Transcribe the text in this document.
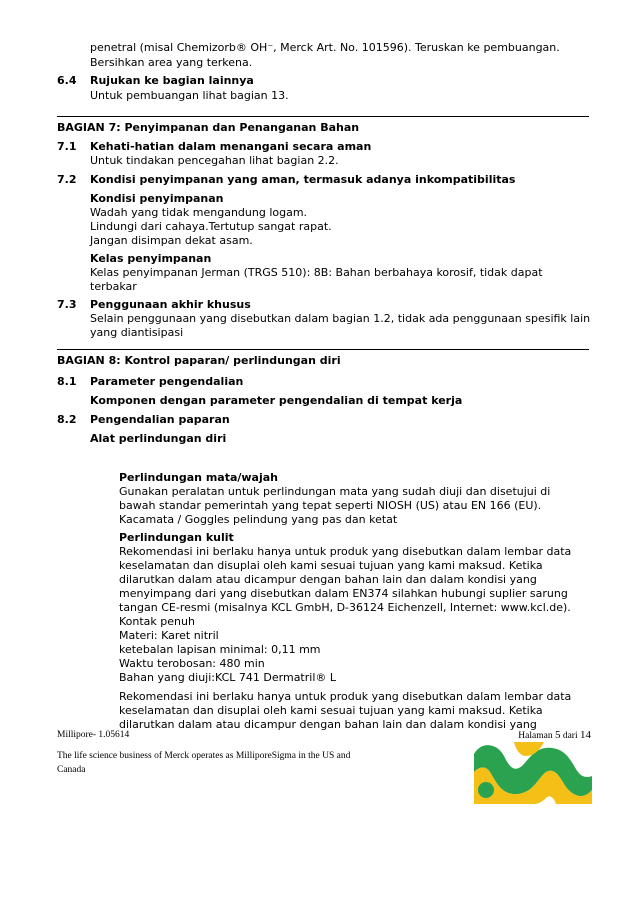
penetral (misal Chemizorb® OH⁻, Merck Art. No. 101596). Teruskan ke pembuangan.
Bersihkan area yang terkena.
6.4 Rujukan ke bagian lainnya
Untuk pembuangan lihat bagian 13.
BAGIAN 7: Penyimpanan dan Penanganan Bahan
7.1 Kehati-hatian dalam menangani secara aman
Untuk tindakan pencegahan lihat bagian 2.2.
7.2 Kondisi penyimpanan yang aman, termasuk adanya inkompatibilitas
Kondisi penyimpanan
Wadah yang tidak mengandung logam.
Lindungi dari cahaya.Tertutup sangat rapat.
Jangan disimpan dekat asam.
Kelas penyimpanan
Kelas penyimpanan Jerman (TRGS 510): 8B: Bahan berbahaya korosif, tidak dapat
terbakar
7.3 Penggunaan akhir khusus
Selain penggunaan yang disebutkan dalam bagian 1.2, tidak ada penggunaan spesifik lain
yang diantisipasi
BAGIAN 8: Kontrol paparan/ perlindungan diri
8.1 Parameter pengendalian
Komponen dengan parameter pengendalian di tempat kerja
8.2 Pengendalian paparan
Alat perlindungan diri
Perlindungan mata/wajah
Gunakan peralatan untuk perlindungan mata yang sudah diuji dan disetujui di
bawah standar pemerintah yang tepat seperti NIOSH (US) atau EN 166 (EU).
Kacamata / Goggles pelindung yang pas dan ketat
Perlindungan kulit
Rekomendasi ini berlaku hanya untuk produk yang disebutkan dalam lembar data
keselamatan dan disuplai oleh kami sesuai tujuan yang kami maksud. Ketika
dilarutkan dalam atau dicampur dengan bahan lain dan dalam kondisi yang
menyimpang dari yang disebutkan dalam EN374 silahkan hubungi suplier sarung
tangan CE-resmi (misalnya KCL GmbH, D-36124 Eichenzell, Internet: www.kcl.de).
Kontak penuh
Materi: Karet nitril
ketebalan lapisan minimal: 0,11 mm
Waktu terobosan: 480 min
Bahan yang diuji:KCL 741 Dermatril® L
Rekomendasi ini berlaku hanya untuk produk yang disebutkan dalam lembar data
keselamatan dan disuplai oleh kami sesuai tujuan yang kami maksud. Ketika
dilarutkan dalam atau dicampur dengan bahan lain dan dalam kondisi yang
Millipore- 1.05614	Halaman 5 dari 14
The life science business of Merck operates as MilliporeSigma in the US and
Canada
